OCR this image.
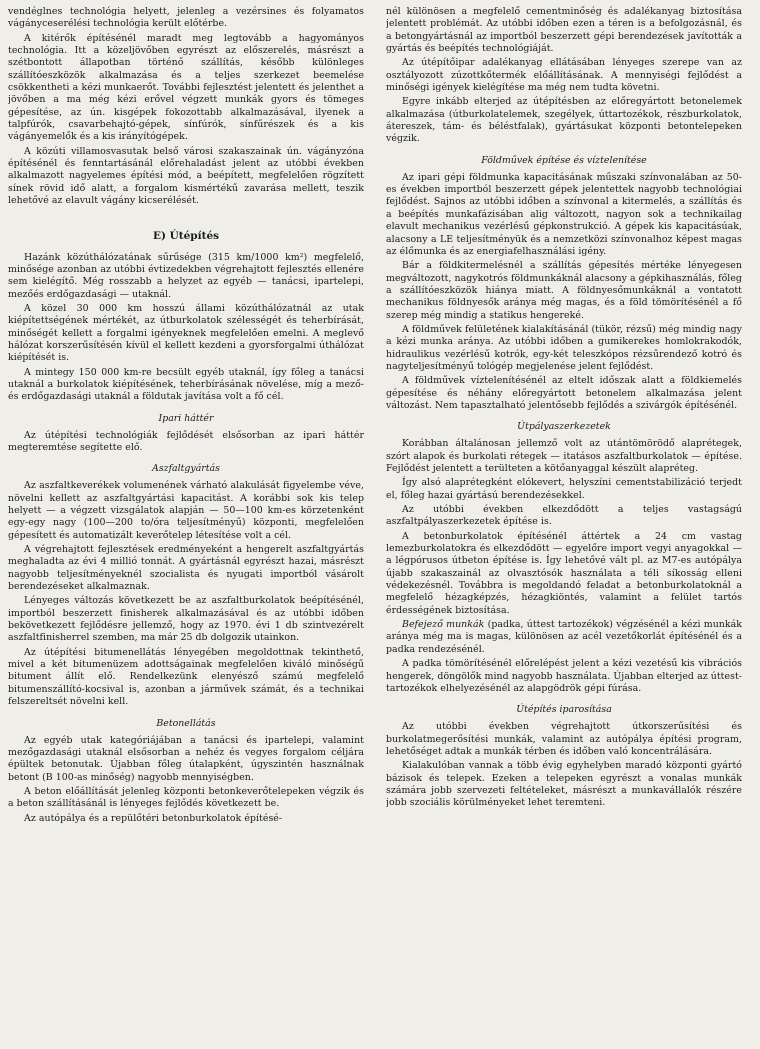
vendéglnes technológia helyett, jelenleg a vezérsines és folyamatos vágányceserélési technológia került előtérbe.

A kitérők építésénél maradt meg legtovább a hagyományos technológia. Itt a közeljövőben egyrészt az előszerelés, másrészt a szétbontott állapotban történő szállítás, később különleges szállítóeszközök alkalmazása és a teljes szerkezet beemelése csökkentheti a kézi munkaerőt. További fejlesztést jelentett és jelenthet a jövőben a ma még kézi erővel végzett munkák gyors és tömeges gépesítése, az ún. kisgépek fokozottabb alkalmazásával, ilyenek a talpfúrók, csavarbehajtó-gépek, sínfúrók, sínfűrészek és a kis vágányemelők és a kis irányítógépek.

A közúti villamosvasutak belső városi szakaszainak ún. vágányzóna építésénél és fenntartásánál előrehaladást jelent az utóbbi években alkalmazott nagyelemes építési mód, a beépített, megfelelően rögzített sínek rövid idő alatt, a forgalom kismértékű zavarása mellett, teszik lehetővé az elavult vágány kicserélését.

E) Útépítés

Hazánk közúthálózatának sűrűsége (315 km/1000 km²) megfelelő, minősége azonban az utóbbi évtizedekben végrehajtott fejlesztés ellenére sem kielégítő. Még rosszabb a helyzet az egyéb — tanácsi, ipartelepi, mezőés erdőgazdasági — utaknál.

A közel 30 000 km hosszú állami közúthálózatnál az utak kiépítettségének mértékét, az útburkolatok szélességét és teherbírását, minőségét kellett a forgalmi igényeknek megfelelően emelni. A meglevő hálózat korszerűsítésén kívül el kellett kezdeni a gyorsforgalmi úthálózat kiépítését is.

A mintegy 150 000 km-re becsült egyéb utaknál, így főleg a tanácsi utaknál a burkolatok kiépítésének, teherbírásának növelése, míg a mező- és erdőgazdasági utaknál a földutak javítása volt a fő cél.

Ipari háttér

Az útépítési technológiák fejlődését elsősorban az ipari háttér megteremtése segítette elő.

Aszfaltgyártás

Az aszfaltkeverékek volumenének várható alakulását figyelembe véve, növelni kellett az aszfaltgyártási kapacitást. A korábbi sok kis telep helyett — a végzett vizsgálatok alapján — 50—100 km-es körzetenként egy-egy nagy (100—200 to/óra teljesítményű) központi, megfelelően gépesített és automatizált keverőtelep létesítése volt a cél.

A végrehajtott fejlesztések eredményeként a hengerelt aszfaltgyártás meghaladta az évi 4 millió tonnát. A gyártásnál egyrészt hazai, másrészt nagyobb teljesítményeknél szocialista és nyugati importból vásárolt berendezéseket alkalmaznak.

Lényeges változás következett be az aszfaltburkolatok beépítésénél, importból beszerzett finisherek alkalmazásával és az utóbbi időben bekövetkezett fejlődésre jellemző, hogy az 1970. évi 1 db szintvezérelt aszfaltfinisherrel szemben, ma már 25 db dolgozik utainkon.

Az útépítési bitumenellátás lényegében megoldottnak tekinthető, mivel a két bitumenüzem adottságainak megfelelően kiváló minőségű bitument állít elő. Rendelkezünk elenyésző számú megfelelő bitumenszállító-kocsival is, azonban a járművek számát, és a technikai felszereltsét növelni kell.

Betonellátás

Az egyéb utak kategóriájában a tanácsi és ipartelepi, valamint mezőgazdasági utaknál elsősorban a nehéz és vegyes forgalom céljára épültek betonutak. Újabban főleg útalapként, úgyszintén használnak betont (B 100-as minőség) nagyobb mennyiségben.

A beton előállítását jelenleg központi betonkeverőtelepeken végzik és a beton szállításánál is lényeges fejlődés következett be.

Az autópálya és a repülőtéri betonburkolatok építésé-

nél különösen a megfelelő cementminőség és adalékanyag biztosítása jelentett problémát. Az utóbbi időben ezen a téren is a befolgozásnál, és a betongyártásnál az importból beszerzett gépi berendezések javították a gyártás és beépítés technológiáját.

Az útépítőipar adalékanyag ellátásában lényeges szerepe van az osztályozott zúzottkőtermék előállításának. A mennyiségi fejlődést a minőségi igények kielégítése ma még nem tudta követni.

Egyre inkább elterjed az útépítésben az előregyártott betonelemek alkalmazása (útburkolatelemek, szegélyek, úttartozékok, részburkolatok, átereszek, tám- és béléstfalak), gyártásukat központi betontelepeken végzik.

Földművek építése és víztelenítése

Az ipari gépi földmunka kapacitásának műszaki színvonalában az 50-es években importból beszerzett gépek jelentettek nagyobb technológiai fejlődést. Sajnos az utóbbi időben a színvonal a kitermelés, a szállítás és a beépítés munkafázisában alig változott, nagyon sok a technikailag elavult mechanikus vezérlésű gépkonstrukció. A gépek kis kapacitásúak, alacsony a LE teljesítményük és a nemzetközi színvonalhoz képest magas az élőmunka és az energiafelhasználási igény.

Bár a földkitermelésnél a szállítás gépesítés mértéke lényegesen megváltozott, nagykotrós földmunkáknál alacsony a gépkihasználás, főleg a szállítóeszközök hiánya miatt. A földnyesőmunkáknál a vontatott mechanikus földnyesők aránya még magas, és a föld tömörítésénél a fő szerep még mindig a statikus hengereké.

A földművek felületének kialakításánál (tükör, rézsű) még mindig nagy a kézi munka aránya. Az utóbbi időben a gumikerekes homlokrakodók, hidraulikus vezérlésű kotrók, egy-két teleszkópos rézsűrendező kotró és nagyteljesítményű tológép megjelenése jelent fejlődést.

A földművek víztelenítésénél az eltelt időszak alatt a földkiemelés gépesítése és néhány előregyártott betonelem alkalmazása jelent változást. Nem tapasztalható jelentősebb fejlődés a szivárgók építésénél.

Útpályaszerkezetek

Korábban általánosan jellemző volt az utántömörödő alaprétegek, szórt alapok és burkolati rétegek — itatásos aszfaltburkolatok — építése. Fejlődést jelentett a terülteten a kötőanyaggal készült alapréteg.

Így alsó alaprétegként elókevert, helyszíni cementstabilizáció terjedt el, főleg hazai gyártású berendezésekkel.

Az utóbbi években elkezdődött a teljes vastagságú aszfaltpályaszerkezetek építése is.

A betonburkolatok építésénél áttértek a 24 cm vastag lemezburkolatokra és elkezdődött — egyelőre import vegyi anyagokkal — a légpórusos útbeton építése is. Így lehetővé vált pl. az M7-es autópálya újabb szakaszainál az olvasztósók használata a téli síkosság elleni védekezésnél. Továbbra is megoldandó feladat a betonburkolatoknál a megfelelő hézagképzés, hézagkiöntés, valamint a felület tartós érdességének biztosítása.

Befejező munkák (padka, úttest tartozékok) végzésénél a kézi munkák aránya még ma is magas, különösen az acél vezetőkorlát építésénél és a padka rendezésénél.

A padka tömörítésénél előrelépést jelent a kézi vezetésű kis vibrációs hengerek, döngölők mind nagyobb használata. Újabban elterjed az úttest-tartozékok elhelyezésénél az alapgödrök gépi fúrása.

Útépítés iparosítása

Az utóbbi években végrehajtott útkorszerűsítési és burkolatmegerősítési munkák, valamint az autópálya építési program, lehetőséget adtak a munkák térben és időben való koncentrálására.

Kialakulóban vannak a több évig egyhelyben maradó központi gyártó bázisok és telepek. Ezeken a telepeken egyrészt a vonalas munkák számára jobb szervezeti feltételeket, másrészt a munkavállalók részére jobb szociális körülményeket lehet teremteni.
